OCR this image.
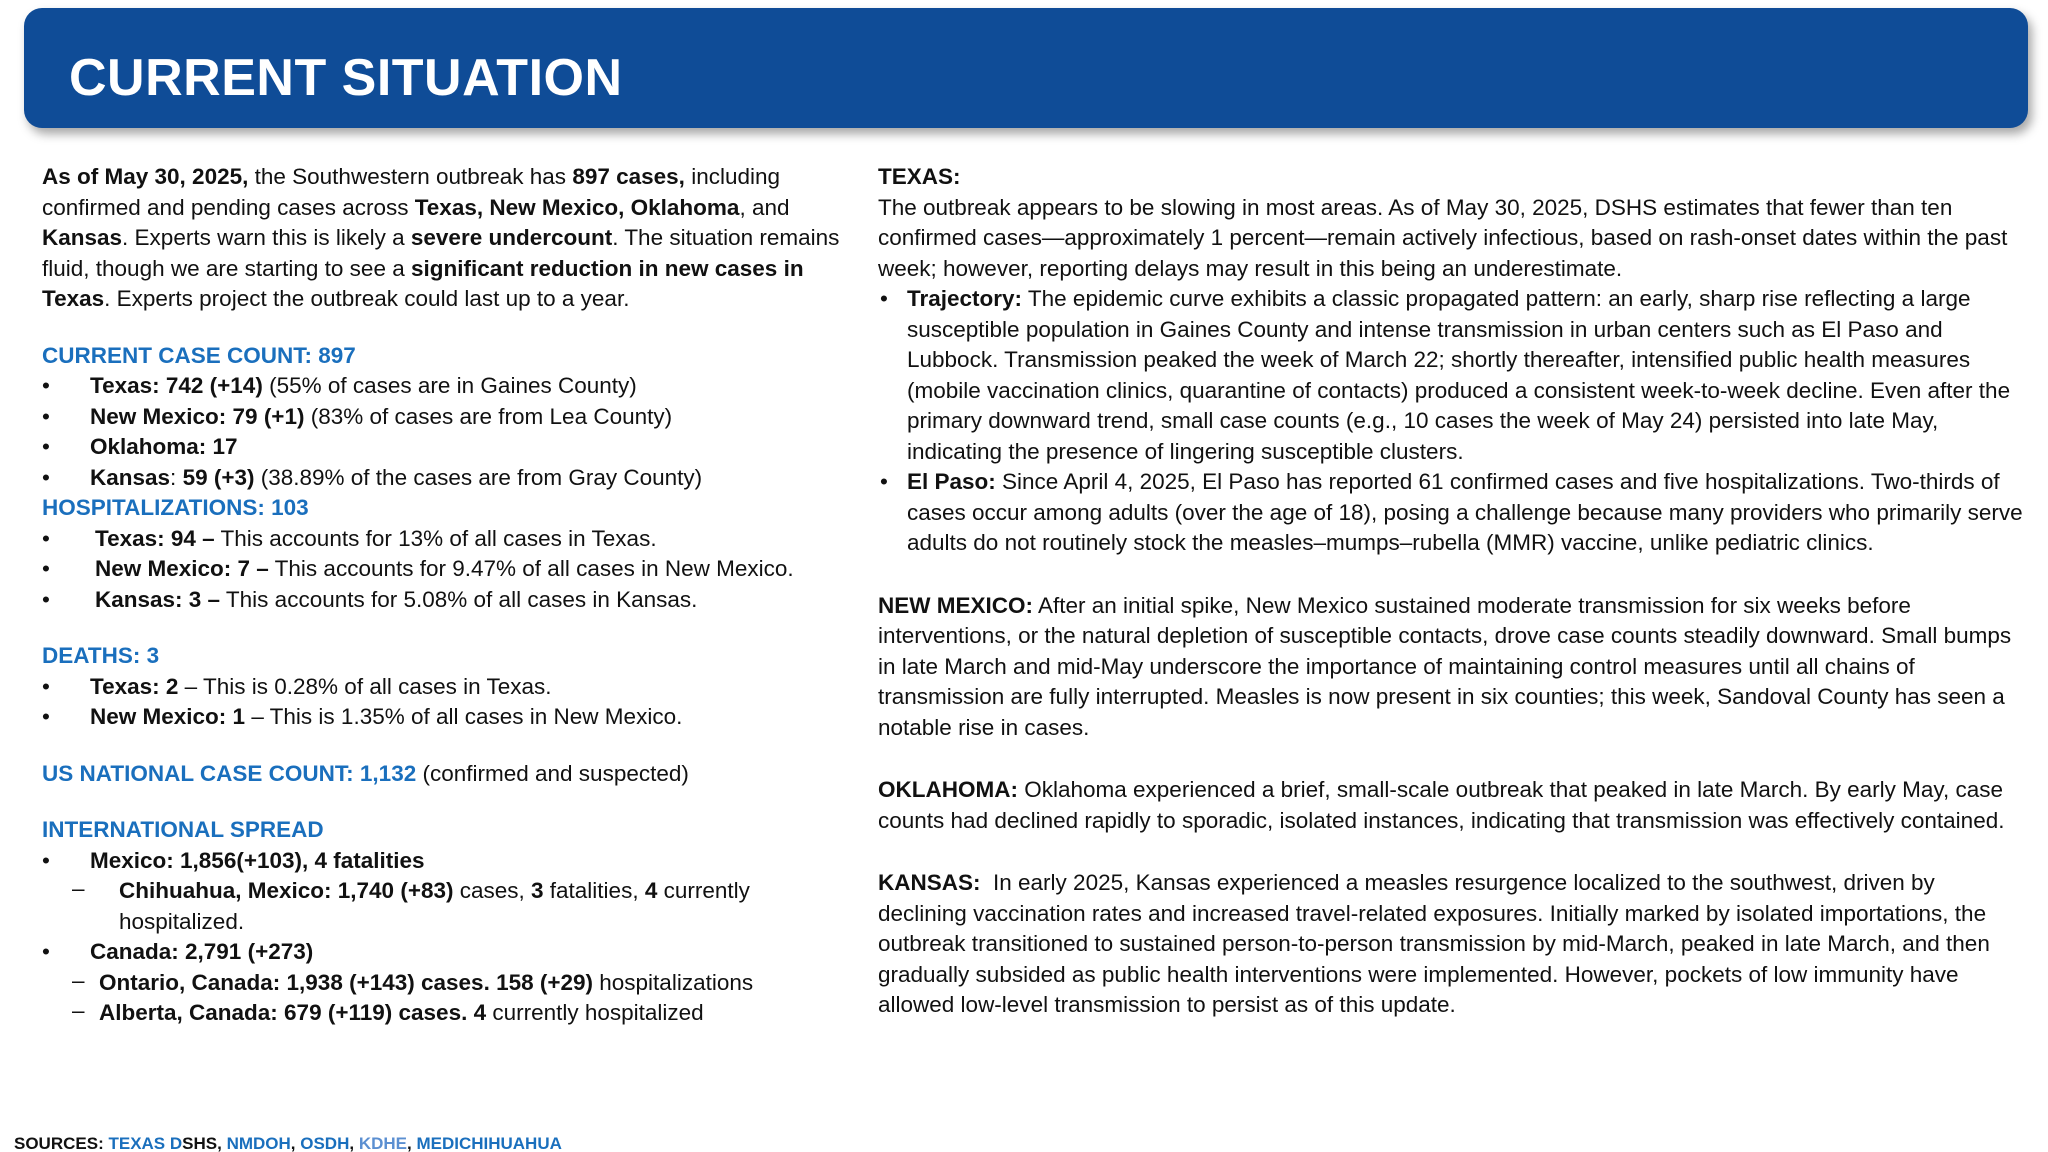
CURRENT SITUATION

As of May 30, 2025, the Southwestern outbreak has 897 cases, including confirmed and pending cases across Texas, New Mexico, Oklahoma, and Kansas. Experts warn this is likely a severe undercount. The situation remains fluid, though we are starting to see a significant reduction in new cases in Texas. Experts project the outbreak could last up to a year.

CURRENT CASE COUNT: 897

• Texas: 742 (+14) (55% of cases are in Gaines County)
• New Mexico: 79 (+1) (83% of cases are from Lea County)
• Oklahoma: 17
• Kansas: 59 (+3) (38.89% of the cases are from Gray County)

HOSPITALIZATIONS: 103

• Texas: 94 – This accounts for 13% of all cases in Texas.
• New Mexico: 7 – This accounts for 9.47% of all cases in New Mexico.
• Kansas: 3 – This accounts for 5.08% of all cases in Kansas.

DEATHS: 3

• Texas: 2 – This is 0.28% of all cases in Texas.
• New Mexico: 1 – This is 1.35% of all cases in New Mexico.

US NATIONAL CASE COUNT: 1,132 (confirmed and suspected)

INTERNATIONAL SPREAD

• Mexico: 1,856(+103), 4 fatalities
– Chihuahua, Mexico: 1,740 (+83) cases, 3 fatalities, 4 currently hospitalized.
• Canada: 2,791 (+273)
– Ontario, Canada: 1,938 (+143) cases. 158 (+29) hospitalizations
– Alberta, Canada: 679 (+119) cases. 4 currently hospitalized

TEXAS:

The outbreak appears to be slowing in most areas. As of May 30, 2025, DSHS estimates that fewer than ten confirmed cases—approximately 1 percent—remain actively infectious, based on rash-onset dates within the past week; however, reporting delays may result in this being an underestimate.

• Trajectory: The epidemic curve exhibits a classic propagated pattern: an early, sharp rise reflecting a large susceptible population in Gaines County and intense transmission in urban centers such as El Paso and Lubbock. Transmission peaked the week of March 22; shortly thereafter, intensified public health measures (mobile vaccination clinics, quarantine of contacts) produced a consistent week-to-week decline. Even after the primary downward trend, small case counts (e.g., 10 cases the week of May 24) persisted into late May, indicating the presence of lingering susceptible clusters.
• El Paso: Since April 4, 2025, El Paso has reported 61 confirmed cases and five hospitalizations. Two-thirds of cases occur among adults (over the age of 18), posing a challenge because many providers who primarily serve adults do not routinely stock the measles–mumps–rubella (MMR) vaccine, unlike pediatric clinics.

NEW MEXICO: After an initial spike, New Mexico sustained moderate transmission for six weeks before interventions, or the natural depletion of susceptible contacts, drove case counts steadily downward. Small bumps in late March and mid-May underscore the importance of maintaining control measures until all chains of transmission are fully interrupted. Measles is now present in six counties; this week, Sandoval County has seen a notable rise in cases.

OKLAHOMA: Oklahoma experienced a brief, small-scale outbreak that peaked in late March. By early May, case counts had declined rapidly to sporadic, isolated instances, indicating that transmission was effectively contained.

KANSAS:  In early 2025, Kansas experienced a measles resurgence localized to the southwest, driven by declining vaccination rates and increased travel-related exposures. Initially marked by isolated importations, the outbreak transitioned to sustained person-to-person transmission by mid-March, peaked in late March, and then gradually subsided as public health interventions were implemented. However, pockets of low immunity have allowed low-level transmission to persist as of this update.

SOURCES: TEXAS DSHS, NMDOH, OSDH, KDHE, MEDICHIHUAHUA
